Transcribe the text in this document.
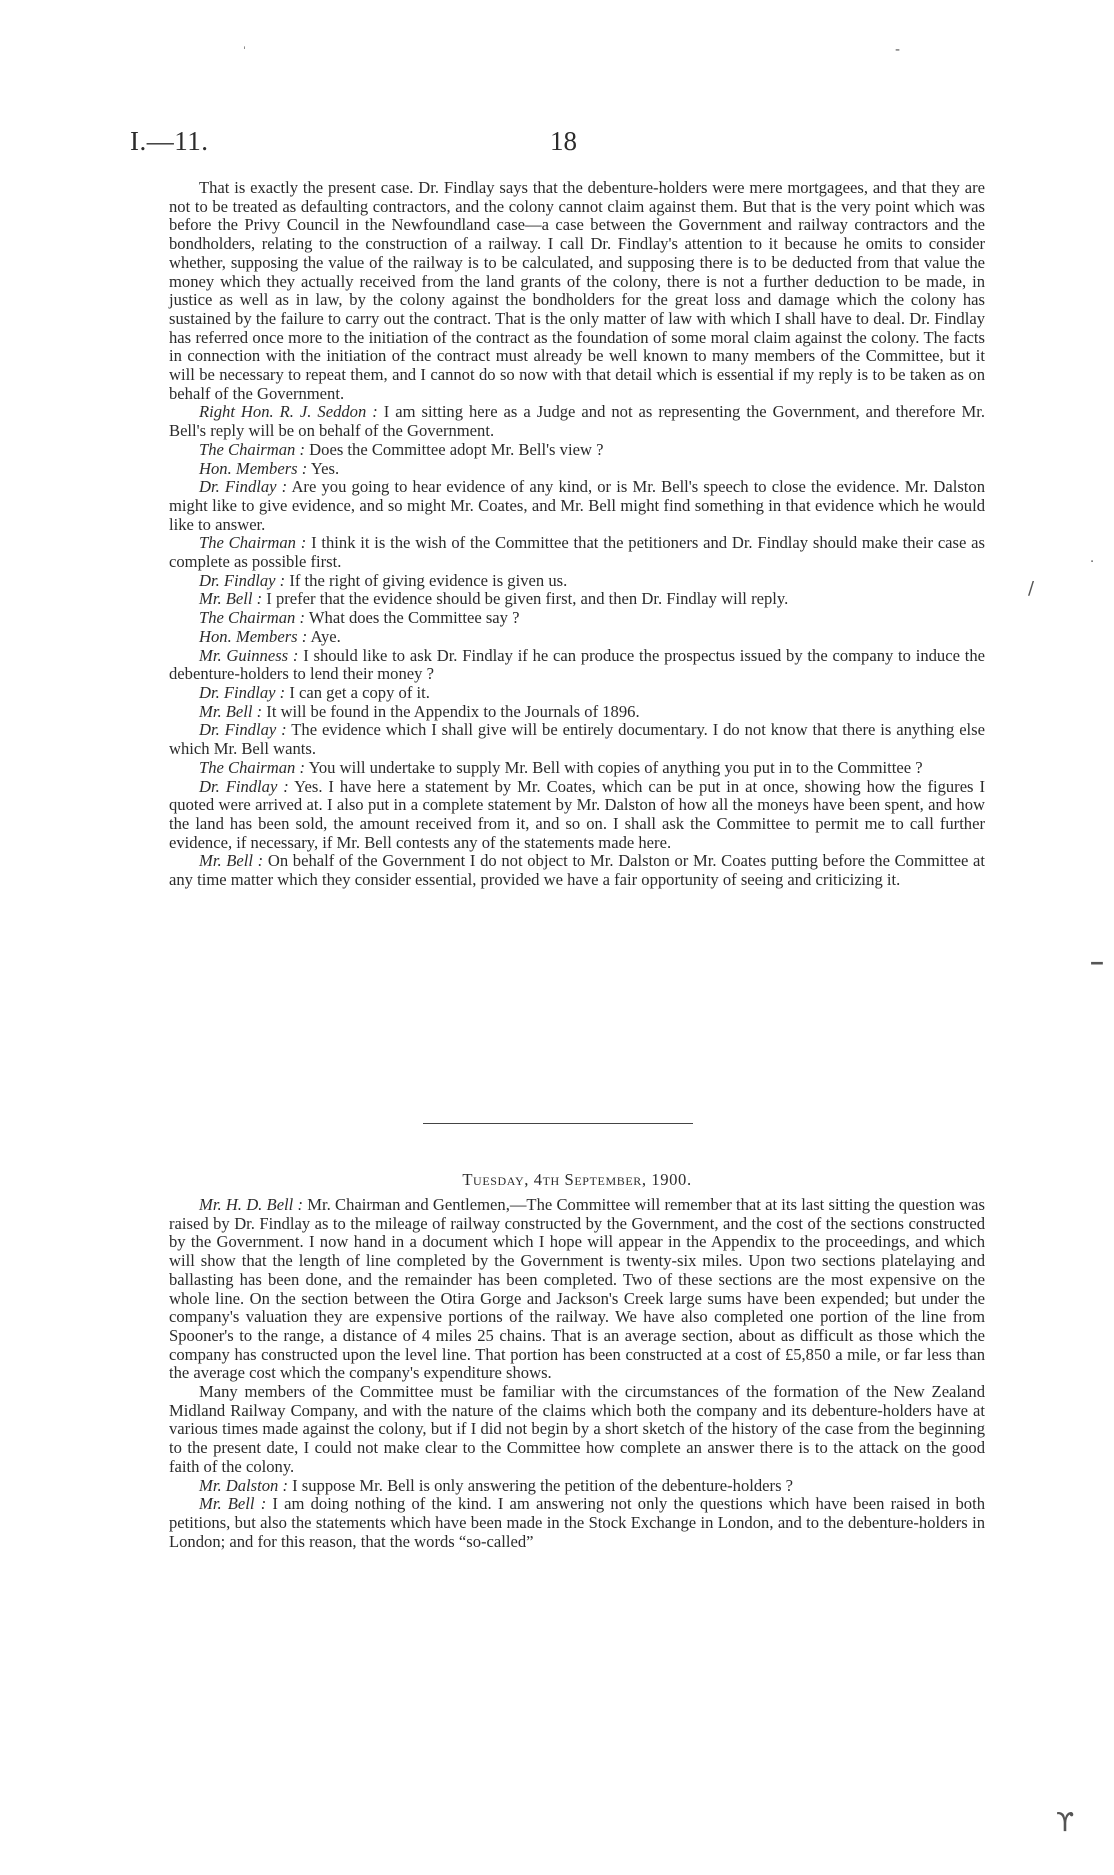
I.—11.	18

That is exactly the present case. Dr. Findlay says that the debenture-holders were mere mortgagees, and that they are not to be treated as defaulting contractors, and the colony cannot claim against them. But that is the very point which was before the Privy Council in the Newfoundland case—a case between the Government and railway contractors and the bondholders, relating to the construction of a railway. I call Dr. Findlay's attention to it because he omits to consider whether, supposing the value of the railway is to be calculated, and supposing there is to be deducted from that value the money which they actually received from the land grants of the colony, there is not a further deduction to be made, in justice as well as in law, by the colony against the bondholders for the great loss and damage which the colony has sustained by the failure to carry out the contract. That is the only matter of law with which I shall have to deal. Dr. Findlay has referred once more to the initiation of the contract as the foundation of some moral claim against the colony. The facts in connection with the initiation of the contract must already be well known to many members of the Committee, but it will be necessary to repeat them, and I cannot do so now with that detail which is essential if my reply is to be taken as on behalf of the Government.

Right Hon. R. J. Seddon : I am sitting here as a Judge and not as representing the Government, and therefore Mr. Bell's reply will be on behalf of the Government.

The Chairman : Does the Committee adopt Mr. Bell's view ?

Hon. Members : Yes.

Dr. Findlay : Are you going to hear evidence of any kind, or is Mr. Bell's speech to close the evidence. Mr. Dalston might like to give evidence, and so might Mr. Coates, and Mr. Bell might find something in that evidence which he would like to answer.

The Chairman : I think it is the wish of the Committee that the petitioners and Dr. Findlay should make their case as complete as possible first.

Dr. Findlay : If the right of giving evidence is given us.

Mr. Bell : I prefer that the evidence should be given first, and then Dr. Findlay will reply.

The Chairman : What does the Committee say ?

Hon. Members : Aye.

Mr. Guinness : I should like to ask Dr. Findlay if he can produce the prospectus issued by the company to induce the debenture-holders to lend their money ?

Dr. Findlay : I can get a copy of it.

Mr. Bell : It will be found in the Appendix to the Journals of 1896.

Dr. Findlay : The evidence which I shall give will be entirely documentary. I do not know that there is anything else which Mr. Bell wants.

The Chairman : You will undertake to supply Mr. Bell with copies of anything you put in to the Committee ?

Dr. Findlay : Yes. I have here a statement by Mr. Coates, which can be put in at once, showing how the figures I quoted were arrived at. I also put in a complete statement by Mr. Dalston of how all the moneys have been spent, and how the land has been sold, the amount received from it, and so on. I shall ask the Committee to permit me to call further evidence, if necessary, if Mr. Bell contests any of the statements made here.

Mr. Bell : On behalf of the Government I do not object to Mr. Dalston or Mr. Coates putting before the Committee at any time matter which they consider essential, provided we have a fair opportunity of seeing and criticizing it.

Tuesday, 4th September, 1900.

Mr. H. D. Bell : Mr. Chairman and Gentlemen,—The Committee will remember that at its last sitting the question was raised by Dr. Findlay as to the mileage of railway constructed by the Government, and the cost of the sections constructed by the Government. I now hand in a document which I hope will appear in the Appendix to the proceedings, and which will show that the length of line completed by the Government is twenty-six miles. Upon two sections platelaying and ballasting has been done, and the remainder has been completed. Two of these sections are the most expensive on the whole line. On the section between the Otira Gorge and Jackson's Creek large sums have been expended; but under the company's valuation they are expensive portions of the railway. We have also completed one portion of the line from Spooner's to the range, a distance of 4 miles 25 chains. That is an average section, about as difficult as those which the company has constructed upon the level line. That portion has been constructed at a cost of £5,850 a mile, or far less than the average cost which the company's expenditure shows.

Many members of the Committee must be familiar with the circumstances of the formation of the New Zealand Midland Railway Company, and with the nature of the claims which both the company and its debenture-holders have at various times made against the colony, but if I did not begin by a short sketch of the history of the case from the beginning to the present date, I could not make clear to the Committee how complete an answer there is to the attack on the good faith of the colony.

Mr. Dalston : I suppose Mr. Bell is only answering the petition of the debenture-holders ?

Mr. Bell : I am doing nothing of the kind. I am answering not only the questions which have been raised in both petitions, but also the statements which have been made in the Stock Exchange in London, and to the debenture-holders in London; and for this reason, that the words “so-called”

ˈ	‐
·
/
‒
ϒ
